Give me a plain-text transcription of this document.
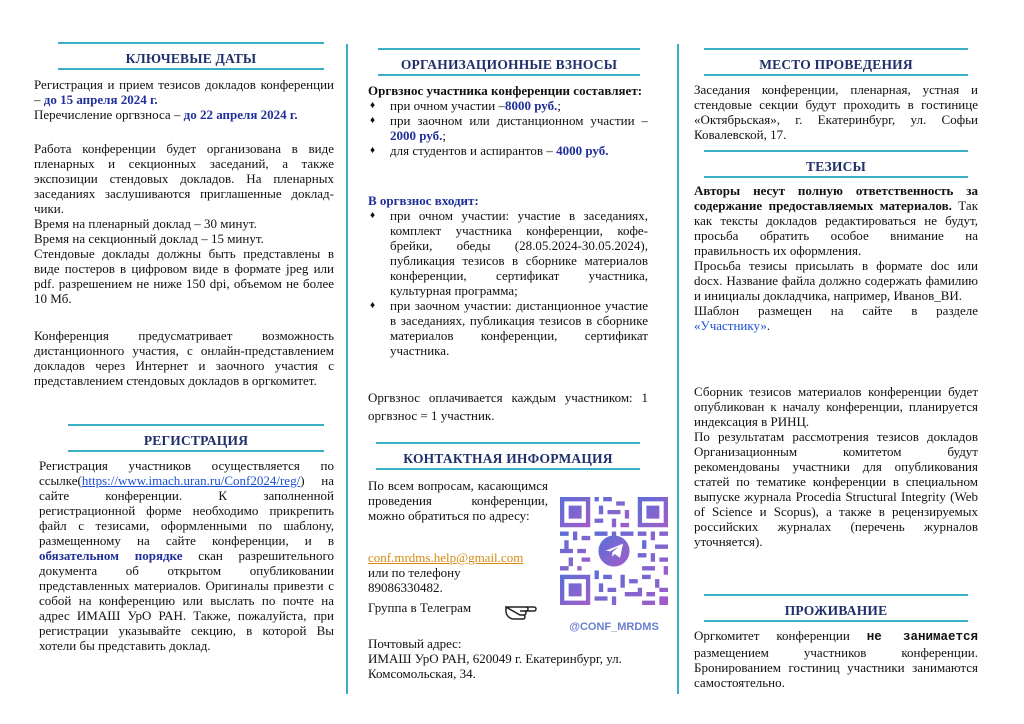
КЛЮЧЕВЫЕ ДАТЫ
Регистрация и прием тезисов докладов конференции – до 15 апреля 2024 г.
Перечисление оргвзноса – до 22 апреля 2024 г.
Работа конференции будет организована в виде пленарных и секционных заседаний, а также экспозиции стендовых докладов. На пленарных заседаниях заслушиваются приглашенные докладчики.
Время на пленарный доклад – 30 минут.
Время на секционный доклад – 15 минут.
Стендовые доклады должны быть представлены в виде постеров в цифровом виде в формате jpeg или pdf. разрешением не ниже 150 dpi, объемом не более 10 Мб.
Конференция предусматривает возможность дистанционного участия, с онлайн-представлением докладов через Интернет и заочного участия с представлением стендовых докладов в оргкомитет.
РЕГИСТРАЦИЯ
Регистрация участников осуществляется по ссылке(https://www.imach.uran.ru/Conf2024/reg/) на сайте конференции. К заполненной регистрационной форме необходимо прикрепить файл с тезисами, оформленными по шаблону, размещенному на сайте конференции, и в обязательном порядке скан разрешительного документа об открытом опубликовании представленных материалов. Оригиналы привезти с собой на конференцию или выслать по почте на адрес ИМАШ УрО РАН. Также, пожалуйста, при регистрации указывайте секцию, в которой Вы хотели бы представить доклад.
ОРГАНИЗАЦИОННЫЕ ВЗНОСЫ
Оргвзнос участника конференции составляет:
♦ при очном участии –8000 руб.;
♦ при заочном или дистанционном участии – 2000 руб.;
♦ для студентов и аспирантов – 4000 руб.
В оргвзнос входит:
♦ при очном участии: участие в заседаниях, комплект участника конференции, кофе-брейки, обеды (28.05.2024-30.05.2024), публикация тезисов в сборнике материалов конференции, сертификат участника, культурная программа;
♦ при заочном участии: дистанционное участие в заседаниях, публикация тезисов в сборнике материалов конференции, сертификат участника.
Оргвзнос оплачивается каждым участником: 1 оргвзнос = 1 участник.
КОНТАКТНАЯ ИНФОРМАЦИЯ
По всем вопросам, касающимся проведения конференции, можно обратиться по адресу:
conf.mrdms.help@gmail.com
или по телефону
89086330482.
Группа в Телеграм
@CONF_MRDMS
Почтовый адрес:
ИМАШ УрО РАН, 620049 г. Екатеринбург, ул. Комсомольская, 34.
МЕСТО ПРОВЕДЕНИЯ
Заседания конференции, пленарная, устная и стендовые секции будут проходить в гостинице «Октябрьская», г. Екатеринбург, ул. Софьи Ковалевской, 17.
ТЕЗИСЫ
Авторы несут полную ответственность за содержание предоставляемых материалов. Так как тексты докладов редактироваться не будут, просьба обратить особое внимание на правильность их оформления.
Просьба тезисы присылать в формате doc или docx. Название файла должно содержать фамилию и инициалы докладчика, например, Иванов_ВИ.
Шаблон размещен на сайте в разделе «Участнику».
Сборник тезисов материалов конференции будет опубликован к началу конференции, планируется индексация в РИНЦ.
По результатам рассмотрения тезисов докладов Организационным комитетом будут рекомендованы участники для опубликования статей по тематике конференции в специальном выпуске журнала Procedia Structural Integrity (Web of Science и Scopus), а также в рецензируемых российских журналах (перечень журналов уточняется).
ПРОЖИВАНИЕ
Оргкомитет конференции не занимается размещением участников конференции. Бронированием гостиниц участники занимаются самостоятельно.
